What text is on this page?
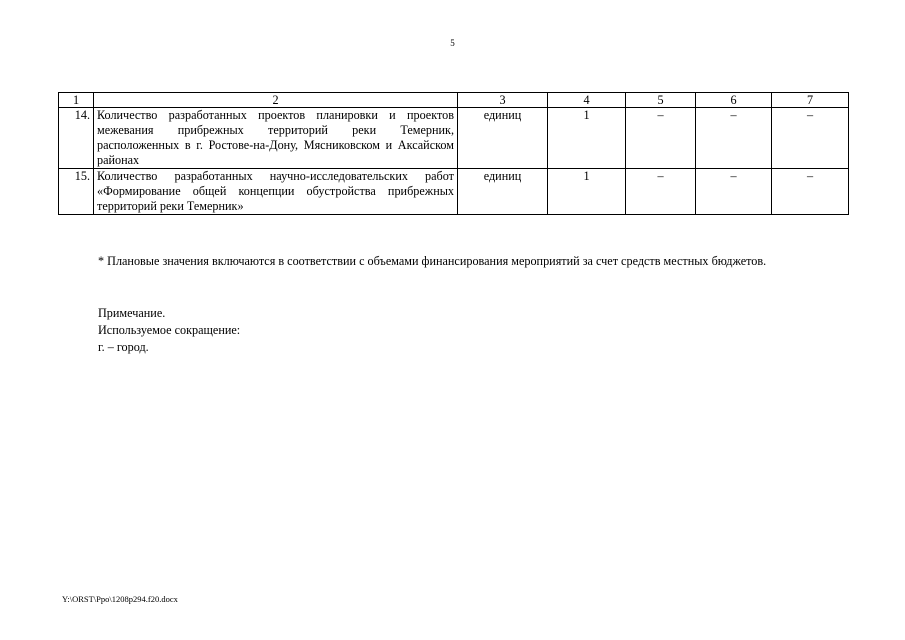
5
1	2	3	4	5	6	7
14.	Количество разработанных проектов планировки и проектов межевания прибрежных территорий реки Темерник, расположенных в г. Ростове-на-Дону, Мясниковском и Аксайском районах	единиц	1	–	–	–
15.	Количество разработанных научно-исследовательских работ «Формирование общей концепции обустройства прибрежных территорий реки Темерник»	единиц	1	–	–	–

* Плановые значения включаются в соответствии с объемами финансирования мероприятий за счет средств местных бюджетов.

Примечание.
Используемое сокращение:
г. – город.
Y:\ORST\Ppo\1208p294.f20.docx
